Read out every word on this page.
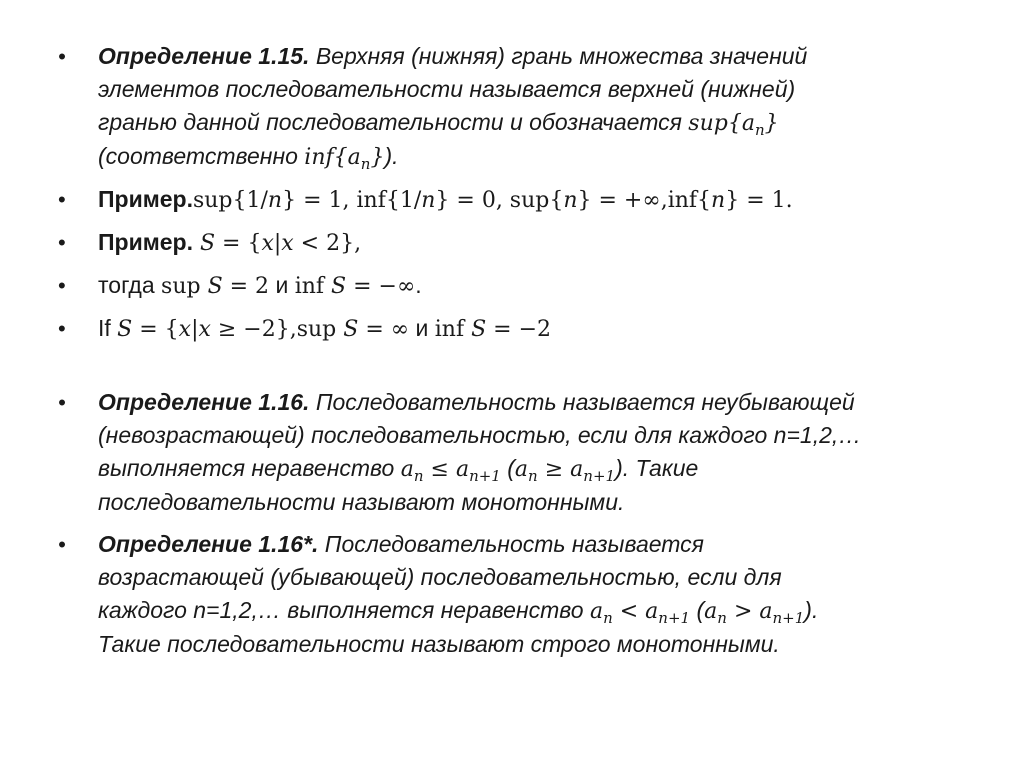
• Определение 1.15. Верхняя (нижняя) грань множества значений
элементов последовательности называется верхней (нижней)
гранью данной последовательности и обозначается $sup\{a_n\}$
(соответственно $inf\{a_n\}$).
• Пример.sup{1/𝑛} = 1, inf{1/𝑛} = 0, sup{𝑛} = +∞,inf{𝑛} = 1.
• Пример. 𝑆 = {𝑥|𝑥 < 2},
• тогда sup 𝑆 = 2 и inf 𝑆 = −∞.
• If 𝑆 = {𝑥|𝑥 ≥ −2},sup 𝑆 = ∞ и inf 𝑆 = −2
• Определение 1.16. Последовательность называется неубывающей
(невозрастающей) последовательностью, если для каждого n=1,2,…
выполняется неравенство $a_n \le a_{n+1}$ $(a_n \ge a_{n+1})$. Такие
последовательности называют монотонными.
• Определение 1.16*. Последовательность называется
возрастающей (убывающей) последовательностью, если для
каждого n=1,2,… выполняется неравенство $a_n < a_{n+1}$ $(a_n > a_{n+1})$.
Такие последовательности называют строго монотонными.
